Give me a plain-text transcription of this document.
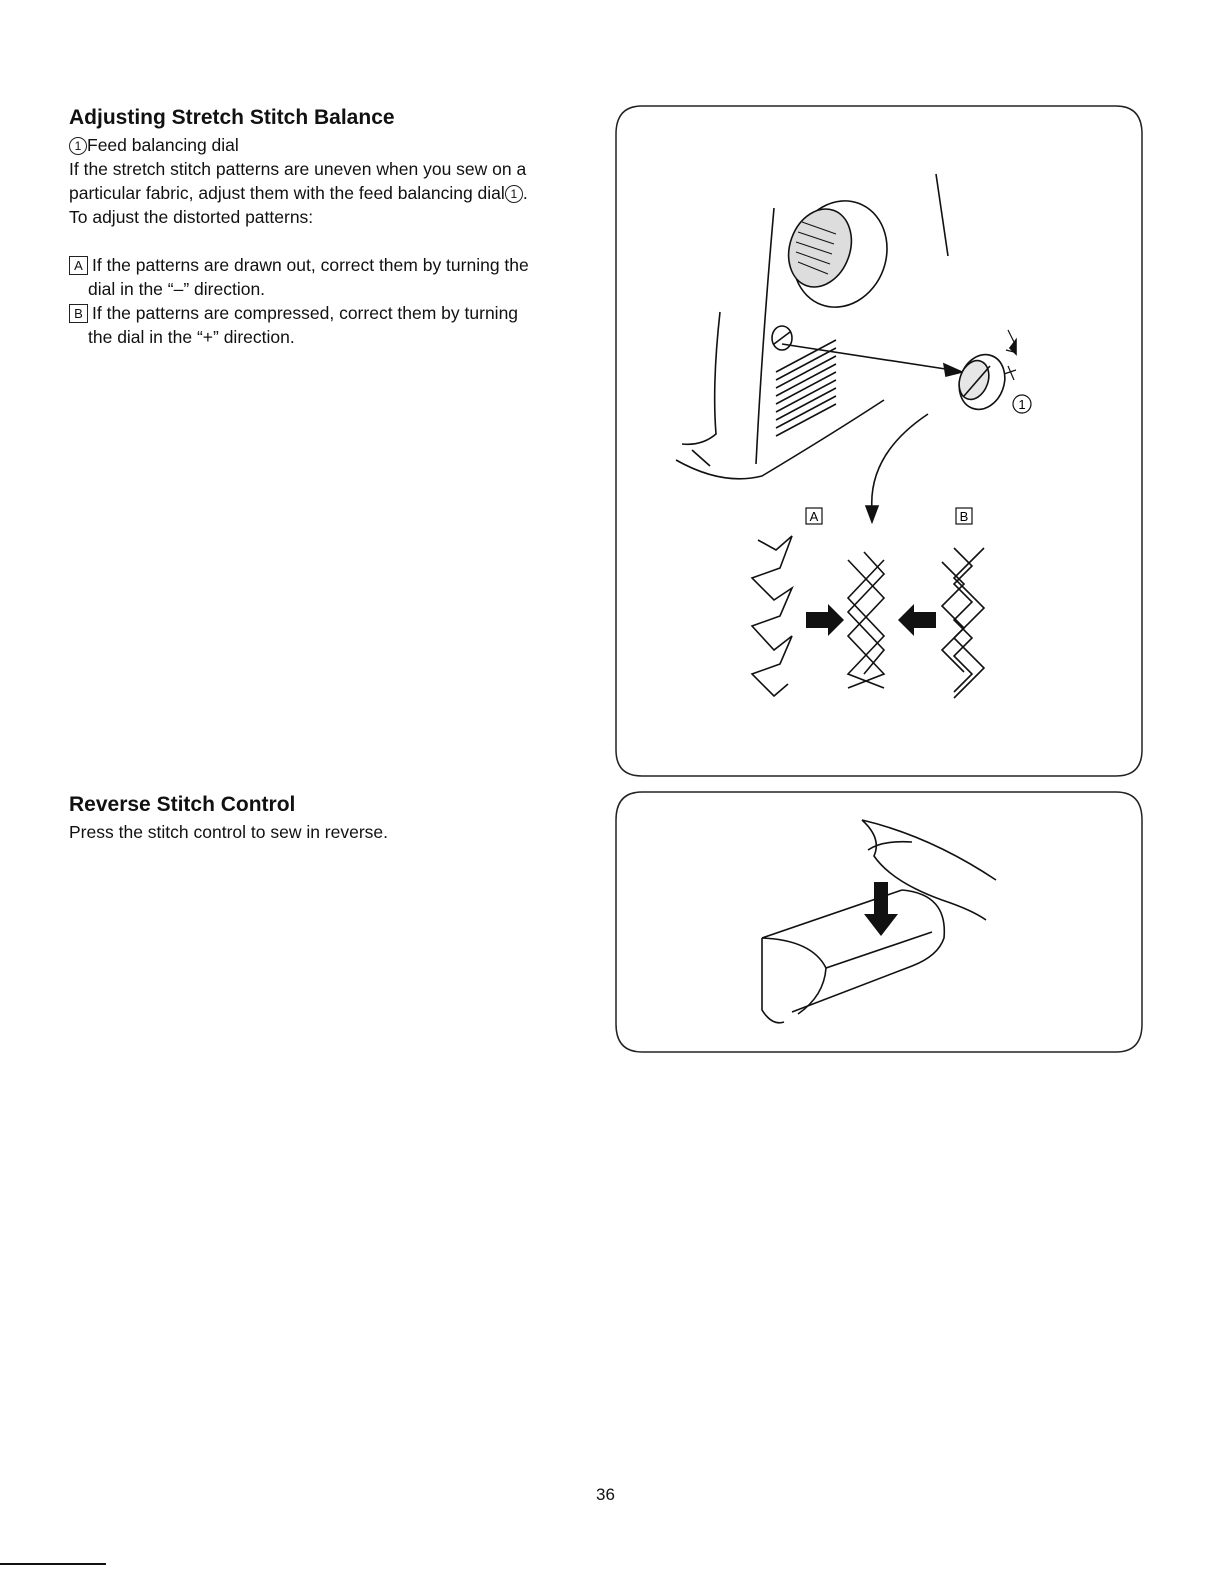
Adjusting Stretch Stitch Balance
1 Feed balancing dial
If the stretch stitch patterns are uneven when you sew on a
particular fabric, adjust them with the feed balancing dial 1 .
To adjust the distorted patterns:

A If the patterns are drawn out, correct them by turning the
dial in the “–” direction.
B If the patterns are compressed, correct them by turning
the dial in the “+” direction.
1
A	B
Reverse Stitch Control

Press the stitch control to sew in reverse.

36
